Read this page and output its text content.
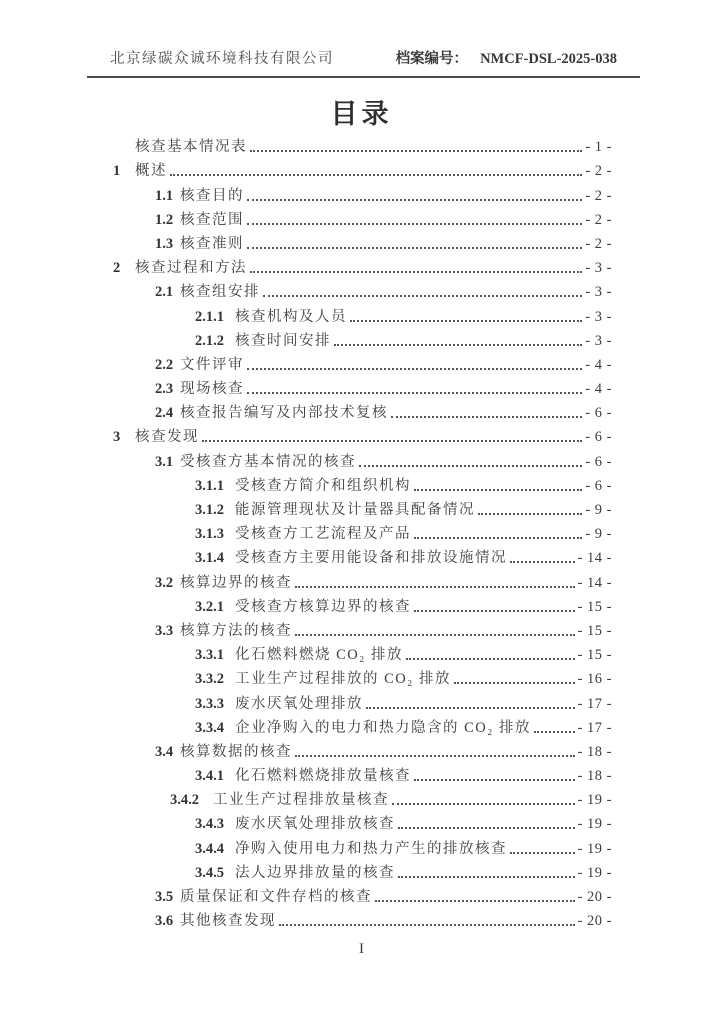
北京绿碳众诚环境科技有限公司	档案编号： NMCF-DSL-2025-038
目录
核查基本情况表	- 1 -
1	概述	- 2 -
1.1 核查目的	- 2 -
1.2 核查范围	- 2 -
1.3 核查准则	- 2 -
2	核查过程和方法	- 3 -
2.1 核查组安排	- 3 -
2.1.1 核查机构及人员	- 3 -
2.1.2 核查时间安排	- 3 -
2.2 文件评审	- 4 -
2.3 现场核查	- 4 -
2.4 核查报告编写及内部技术复核	- 6 -
3	核查发现	- 6 -
3.1 受核查方基本情况的核查	- 6 -
3.1.1 受核查方简介和组织机构	- 6 -
3.1.2 能源管理现状及计量器具配备情况	- 9 -
3.1.3 受核查方工艺流程及产品	- 9 -
3.1.4 受核查方主要用能设备和排放设施情况	- 14 -
3.2 核算边界的核查	- 14 -
3.2.1 受核查方核算边界的核查	- 15 -
3.3 核算方法的核查	- 15 -
3.3.1 化石燃料燃烧 CO₂ 排放	- 15 -
3.3.2 工业生产过程排放的 CO₂ 排放	- 16 -
3.3.3 废水厌氧处理排放	- 17 -
3.3.4 企业净购入的电力和热力隐含的 CO₂ 排放	- 17 -
3.4 核算数据的核查	- 18 -
3.4.1 化石燃料燃烧排放量核查	- 18 -
3.4.2 工业生产过程排放量核查	- 19 -
3.4.3 废水厌氧处理排放核查	- 19 -
3.4.4 净购入使用电力和热力产生的排放核查	- 19 -
3.4.5 法人边界排放量的核查	- 19 -
3.5 质量保证和文件存档的核查	- 20 -
3.6 其他核查发现	- 20 -
I
